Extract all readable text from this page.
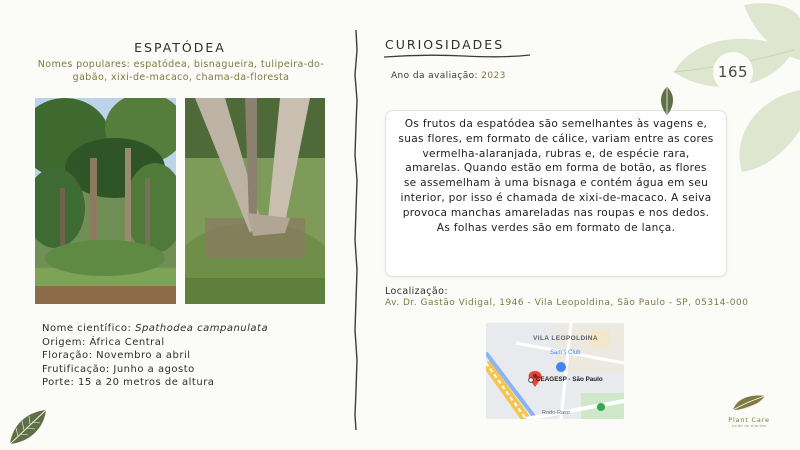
ESPATÓDEA
Nomes populares: espatódea, bisnagueira, tulipeira-do-gabão, xixi-de-macaco, chama-da-floresta
Nome científico: Spathodea campanulata
Origem: África Central
Floração: Novembro a abril
Frutificação: Junho a agosto
Porte: 15 a 20 metros de altura
CURIOSIDADES
Ano da avaliação: 2023
Os frutos da espatódea são semelhantes às vagens e, suas flores, em formato de cálice, variam entre as cores vermelha-alaranjada, rubras e, de espécie rara, amarelas. Quando estão em forma de botão, as flores se assemelham à uma bisnaga e contém água em seu interior, por isso é chamada de xixi-de-macaco. A seiva provoca manchas amareladas nas roupas e nos dedos. As folhas verdes são em formato de lança.
Localização:
Av. Dr. Gastão Vidigal, 1946 - Vila Leopoldina, São Paulo - SP, 05314-000
VILA LEOPOLDINA
Sam's Club
CEAGESP - São Paulo
Rodo-Raso
165
Plant Care
cuide de plantas
